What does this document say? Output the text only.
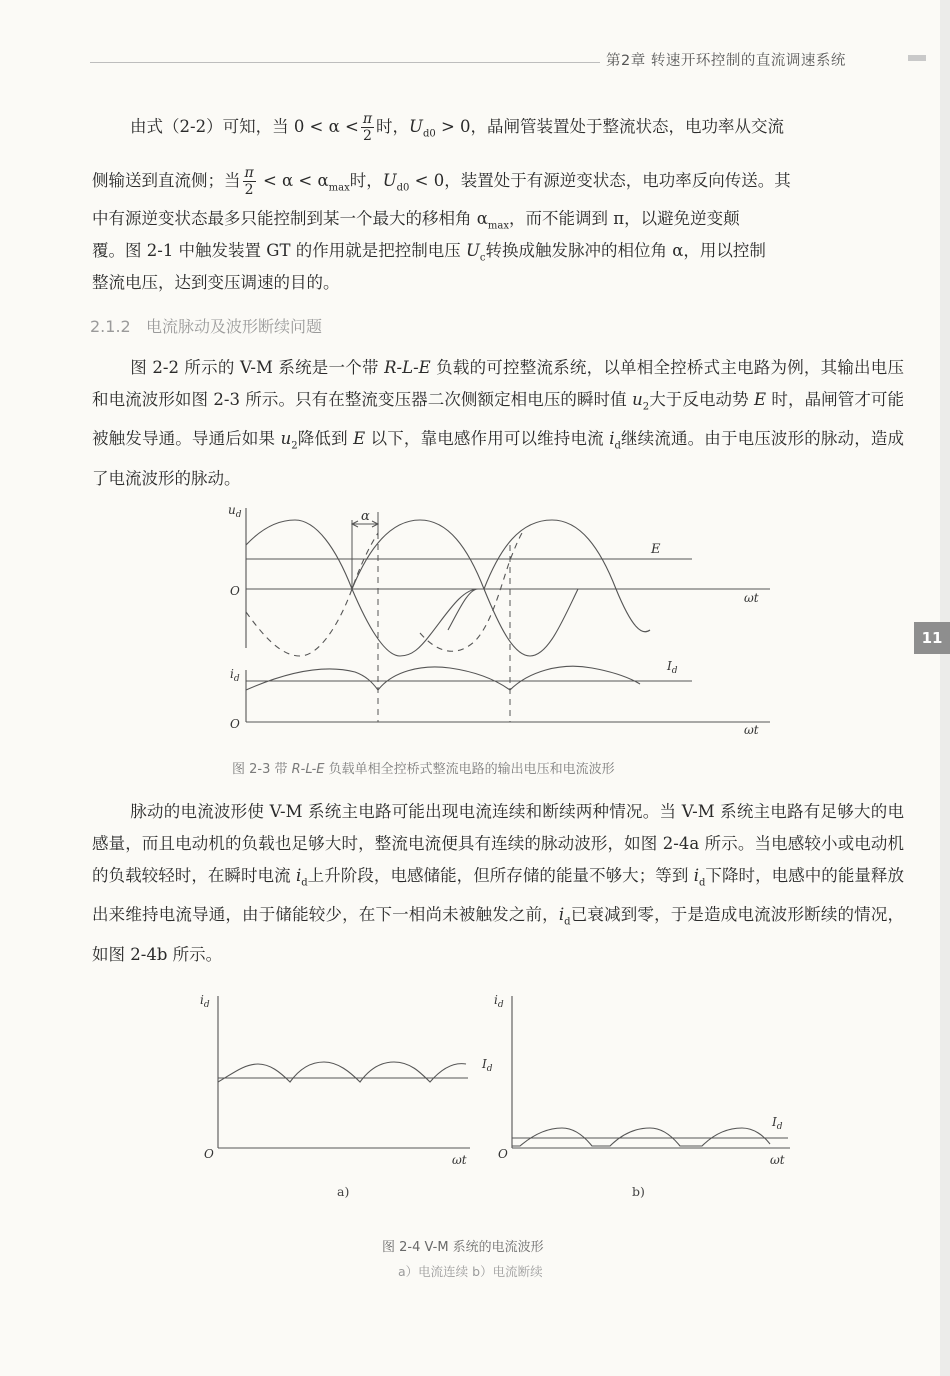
第2章 转速开环控制的直流调速系统
11
由式（2-2）可知，当 $0 < \alpha < \frac{\pi}{2}$ 时，$U_{d0} > 0$，晶闸管装置处于整流状态，电功率从交流
侧输送到直流侧；当 $\frac{\pi}{2} < \alpha < \alpha_{max}$时，$U_{d0} < 0$，装置处于有源逆变状态，电功率反向传送。其
中有源逆变状态最多只能控制到某一个最大的移相角 $\alpha_{max}$，而不能调到 π，以避免逆变颠
覆。图 2-1 中触发装置 GT 的作用就是把控制电压 $U_c$转换成触发脉冲的相位角 α，用以控制
整流电压，达到变压调速的目的。
2.1.2 电流脉动及波形断续问题

图 2-2 所示的 V-M 系统是一个带 R-L-E 负载的可控整流系统，以单相全控桥式主电路为例，其输出电压和电流波形如图 2-3 所示。只有在整流变压器二次侧额定相电压的瞬时值 $u_2$大于反电动势 E 时，晶闸管才可能被触发导通。导通后如果 $u_2$降低到 E 以下，靠电感作用可以维持电流 $i_d$继续流通。由于电压波形的脉动，造成了电流波形的脉动。

$u_d$	α
E
O	ωt
$i_d$
$I_d$
O	ωt
图 2-3 带 R-L-E 负载单相全控桥式整流电路的输出电压和电流波形

脉动的电流波形使 V-M 系统主电路可能出现电流连续和断续两种情况。当 V-M 系统主电路有足够大的电感量，而且电动机的负载也足够大时，整流电流便具有连续的脉动波形，如图 2-4a 所示。当电感较小或电动机的负载较轻时，在瞬时电流 $i_d$上升阶段，电感储能，但所存储的能量不够大；等到 $i_d$下降时，电感中的能量释放出来维持电流导通，由于储能较少，在下一相尚未被触发之前，$i_d$已衰减到零，于是造成电流波形断续的情况，如图 2-4b 所示。

$i_d$
$I_d$
O	ωt
$i_d$
$I_d$
O	ωt
a)	b)
图 2-4 V-M 系统的电流波形
a）电流连续 b）电流断续
